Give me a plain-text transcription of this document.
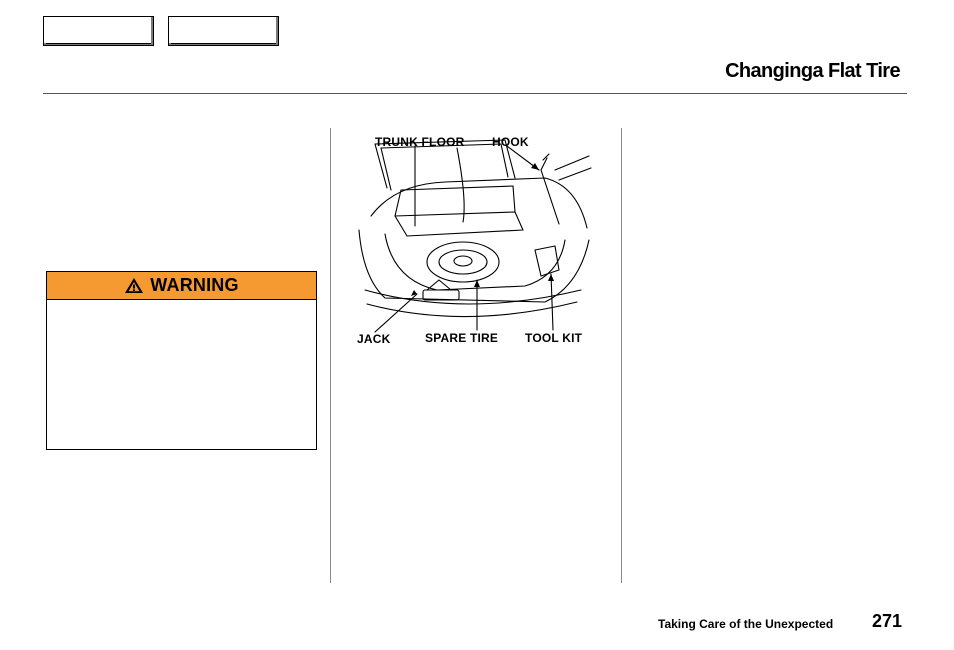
Changinga Flat Tire
WARNING
TRUNK FLOOR HOOK
JACK	SPARE TIRE TOOL KIT
Taking Care of the Unexpected 271
